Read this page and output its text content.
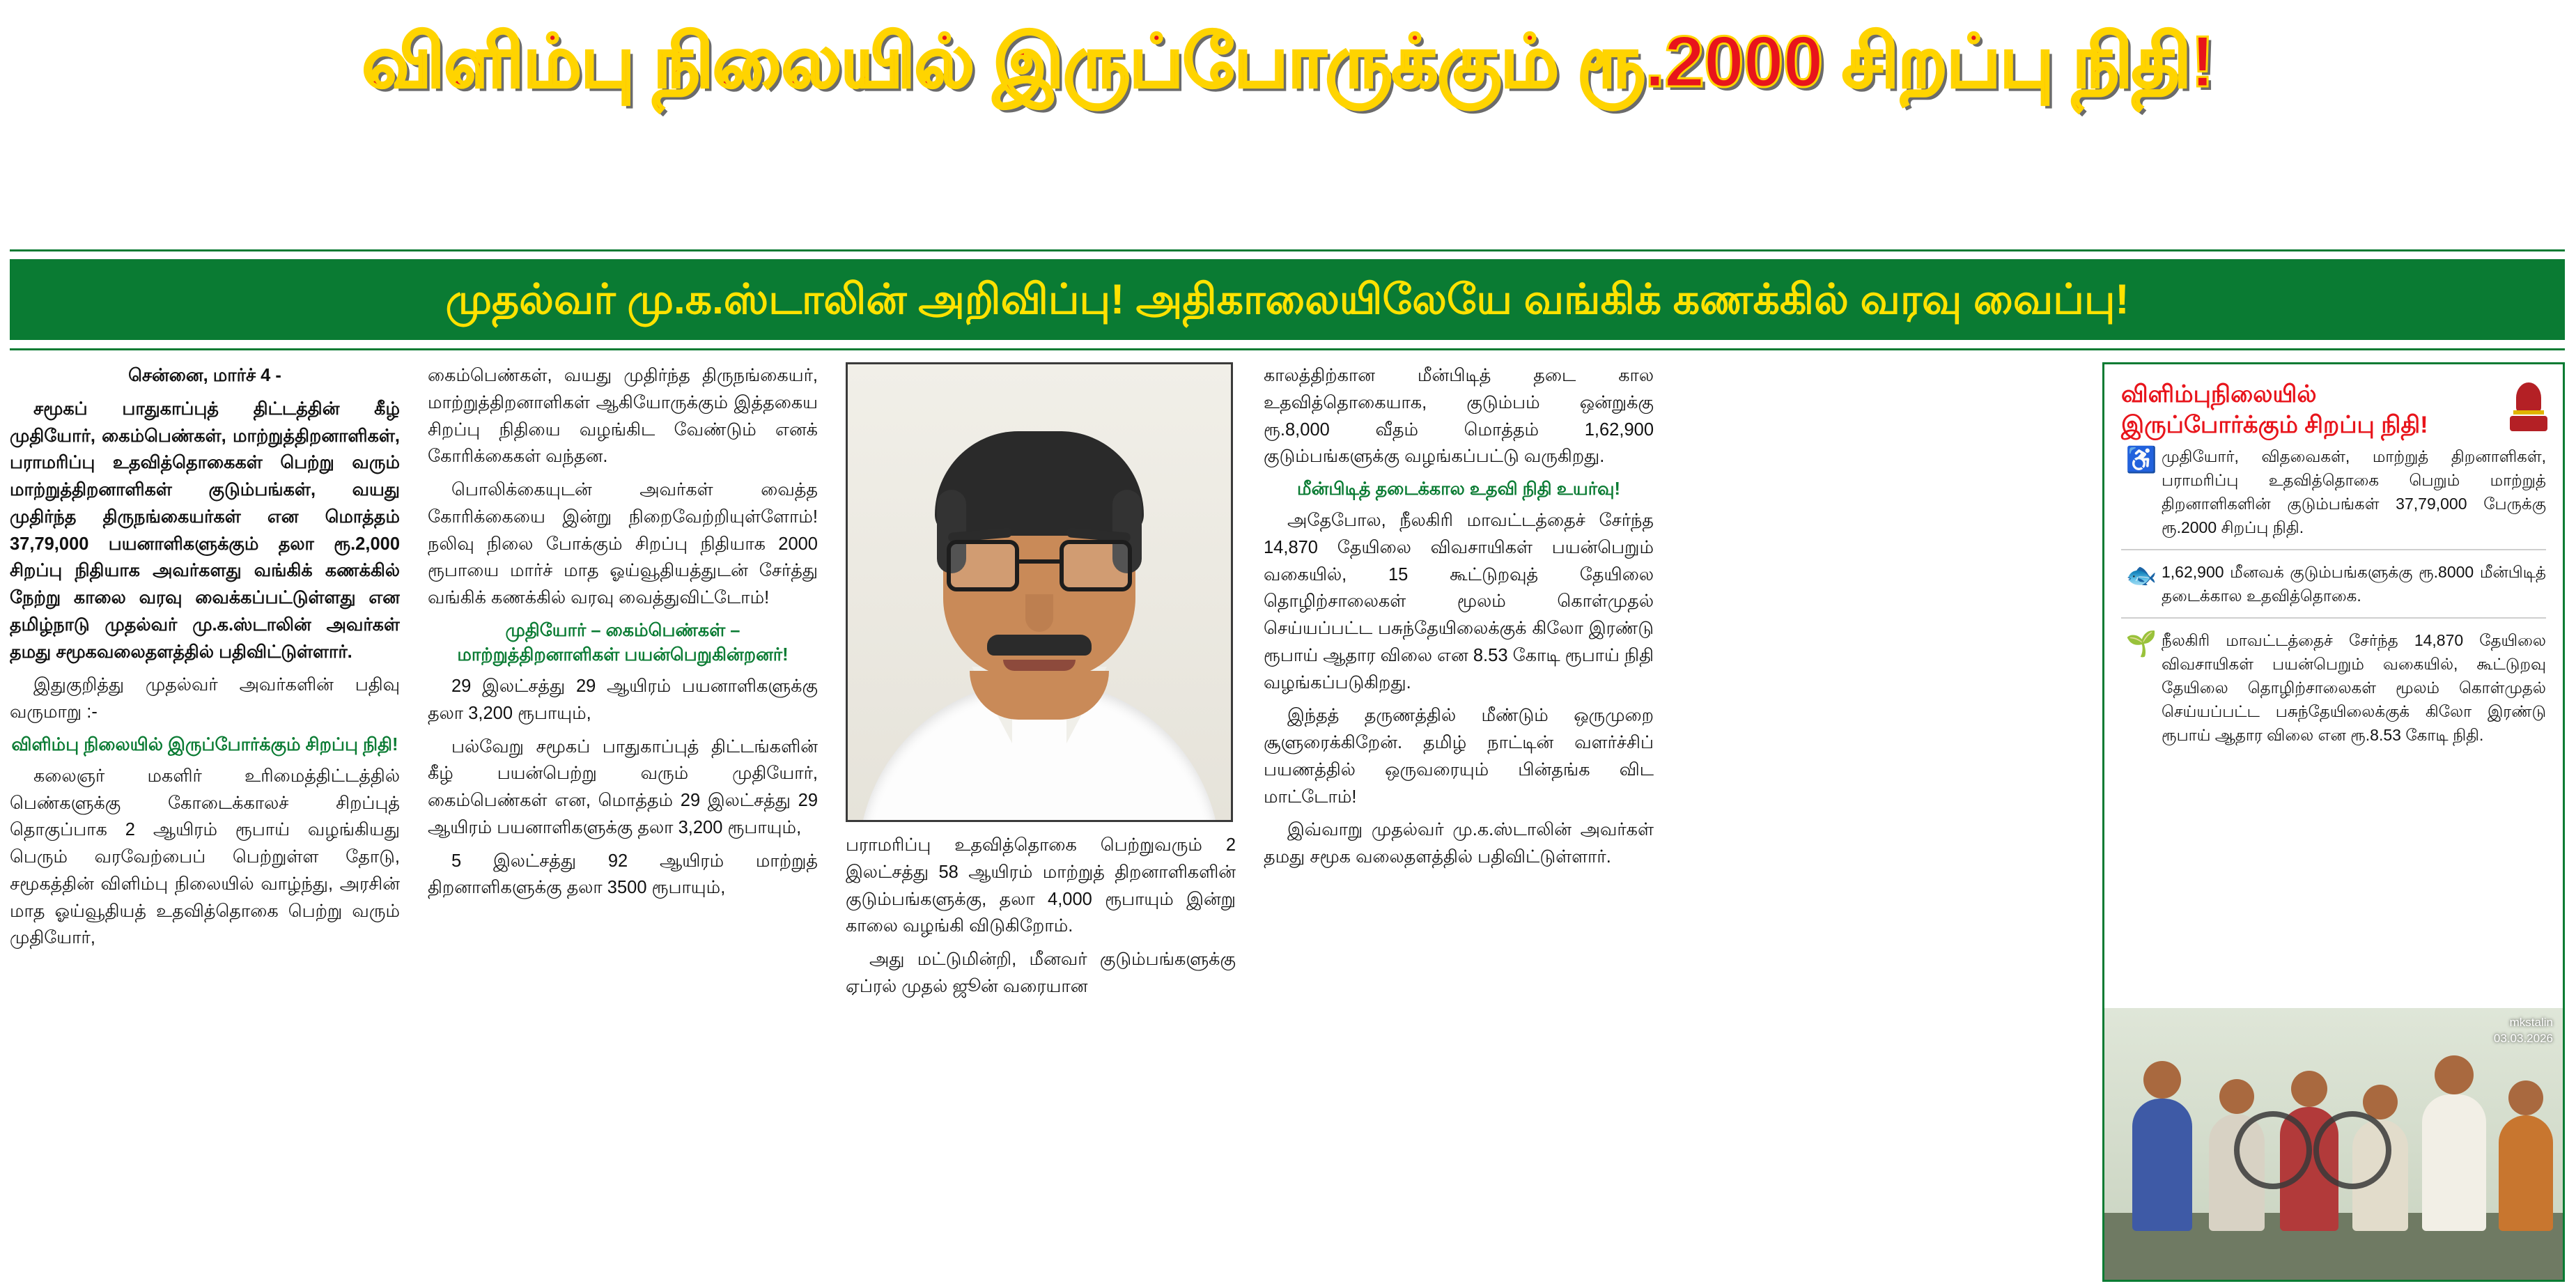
விளிம்பு நிலையில் இருப்போருக்கும் ரூ.2000 சிறப்பு நிதி!
முதல்வர் மு.க.ஸ்டாலின் அறிவிப்பு! அதிகாலையிலேயே வங்கிக் கணக்கில் வரவு வைப்பு!

சென்னை, மார்ச் 4 -

சமூகப் பாதுகாப்புத் திட்டத்தின் கீழ் முதியோர், கைம்பெண்கள், மாற்றுத்திறனாளிகள், பராமரிப்பு உதவித்தொகைகள் பெற்று வரும் மாற்றுத்திறனாளிகள் குடும்பங்கள், வயது முதிர்ந்த திருநங்கையர்கள் என மொத்தம் 37,79,000 பயனாளிகளுக்கும் தலா ரூ.2,000 சிறப்பு நிதியாக அவர்களது வங்கிக் கணக்கில் நேற்று காலை வரவு வைக்கப்பட்டுள்ளது என தமிழ்நாடு முதல்வர் மு.க.ஸ்டாலின் அவர்கள் தமது சமூகவலைதளத்தில் பதிவிட்டுள்ளார்.

இதுகுறித்து முதல்வர் அவர்களின் பதிவு வருமாறு :-

விளிம்பு நிலையில் இருப்போர்க்கும் சிறப்பு நிதி!

கலைஞர் மகளிர் உரிமைத்திட்டத்தில் பெண்களுக்கு கோடைக்காலச் சிறப்புத் தொகுப்பாக 2 ஆயிரம் ரூபாய் வழங்கியது பெரும் வரவேற்பைப் பெற்றுள்ள தோடு, சமூகத்தின் விளிம்பு நிலையில் வாழ்ந்து, அரசின் மாத ஓய்வூதியத் உதவித்தொகை பெற்று வரும் முதியோர்,

கைம்பெண்கள், வயது முதிர்ந்த திருநங்கையர், மாற்றுத்திறனாளிகள் ஆகியோருக்கும் இத்தகைய சிறப்பு நிதியை வழங்கிட வேண்டும் எனக் கோரிக்கைகள் வந்தன.

பொலிக்கையுடன் அவர்கள் வைத்த கோரிக்கையை இன்று நிறைவேற்றியுள்ளோம்! நலிவு நிலை போக்கும் சிறப்பு நிதியாக 2000 ரூபாயை மார்ச் மாத ஓய்வூதியத்துடன் சேர்த்து வங்கிக் கணக்கில் வரவு வைத்துவிட்டோம்!

முதியோர் – கைம்பெண்கள் – மாற்றுத்திறனாளிகள் பயன்பெறுகின்றனர்!

29 இலட்சத்து 29 ஆயிரம் பயனாளிகளுக்கு தலா 3,200 ரூபாயும்,

பல்வேறு சமூகப் பாதுகாப்புத் திட்டங்களின் கீழ் பயன்பெற்று வரும் முதியோர், கைம்பெண்கள் என, மொத்தம் 29 இலட்சத்து 29 ஆயிரம் பயனாளிகளுக்கு தலா 3,200 ரூபாயும்,

5 இலட்சத்து 92 ஆயிரம் மாற்றுத் திறனாளிகளுக்கு தலா 3500 ரூபாயும்,

பராமரிப்பு உதவித்தொகை பெற்றுவரும் 2 இலட்சத்து 58 ஆயிரம் மாற்றுத் திறனாளிகளின் குடும்பங்களுக்கு, தலா 4,000 ரூபாயும் இன்று காலை வழங்கி விடுகிறோம்.

அது மட்டுமின்றி, மீனவர் குடும்பங்களுக்கு ஏப்ரல் முதல் ஜூன் வரையான

காலத்திற்கான மீன்பிடித் தடை கால உதவித்தொகையாக, குடும்பம் ஒன்றுக்கு ரூ.8,000 வீதம் மொத்தம் 1,62,900 குடும்பங்களுக்கு வழங்கப்பட்டு வருகிறது.

மீன்பிடித் தடைக்கால உதவி நிதி உயர்வு!

அதேபோல, நீலகிரி மாவட்டத்தைச் சேர்ந்த 14,870 தேயிலை விவசாயிகள் பயன்பெறும் வகையில், 15 கூட்டுறவுத் தேயிலை தொழிற்சாலைகள் மூலம் கொள்முதல் செய்யப்பட்ட பசுந்தேயிலைக்குக் கிலோ இரண்டு ரூபாய் ஆதார விலை என 8.53 கோடி ரூபாய் நிதி வழங்கப்படுகிறது.

இந்தத் தருணத்தில் மீண்டும் ஒருமுறை சூளுரைக்கிறேன். தமிழ் நாட்டின் வளர்ச்சிப் பயணத்தில் ஒருவரையும் பின்தங்க விட மாட்டோம்!

இவ்வாறு முதல்வர் மு.க.ஸ்டாலின் அவர்கள் தமது சமூக வலைதளத்தில் பதிவிட்டுள்ளார்.

விளிம்புநிலையில் இருப்போர்க்கும் சிறப்பு நிதி!
♿ முதியோர், விதவைகள், மாற்றுத் திறனாளிகள், பராமரிப்பு உதவித்தொகை பெறும் மாற்றுத் திறனாளிகளின் குடும்பங்கள் 37,79,000 பேருக்கு ரூ.2000 சிறப்பு நிதி.
🐟 1,62,900 மீனவக் குடும்பங்களுக்கு ரூ.8000 மீன்பிடித் தடைக்கால உதவித்தொகை.
🌱 நீலகிரி மாவட்டத்தைச் சேர்ந்த 14,870 தேயிலை விவசாயிகள் பயன்பெறும் வகையில், கூட்டுறவு தேயிலை தொழிற்சாலைகள் மூலம் கொள்முதல் செய்யப்பட்ட பசுந்தேயிலைக்குக் கிலோ இரண்டு ரூபாய் ஆதார விலை என ரூ.8.53 கோடி நிதி.
mkstalin
03.03.2026
